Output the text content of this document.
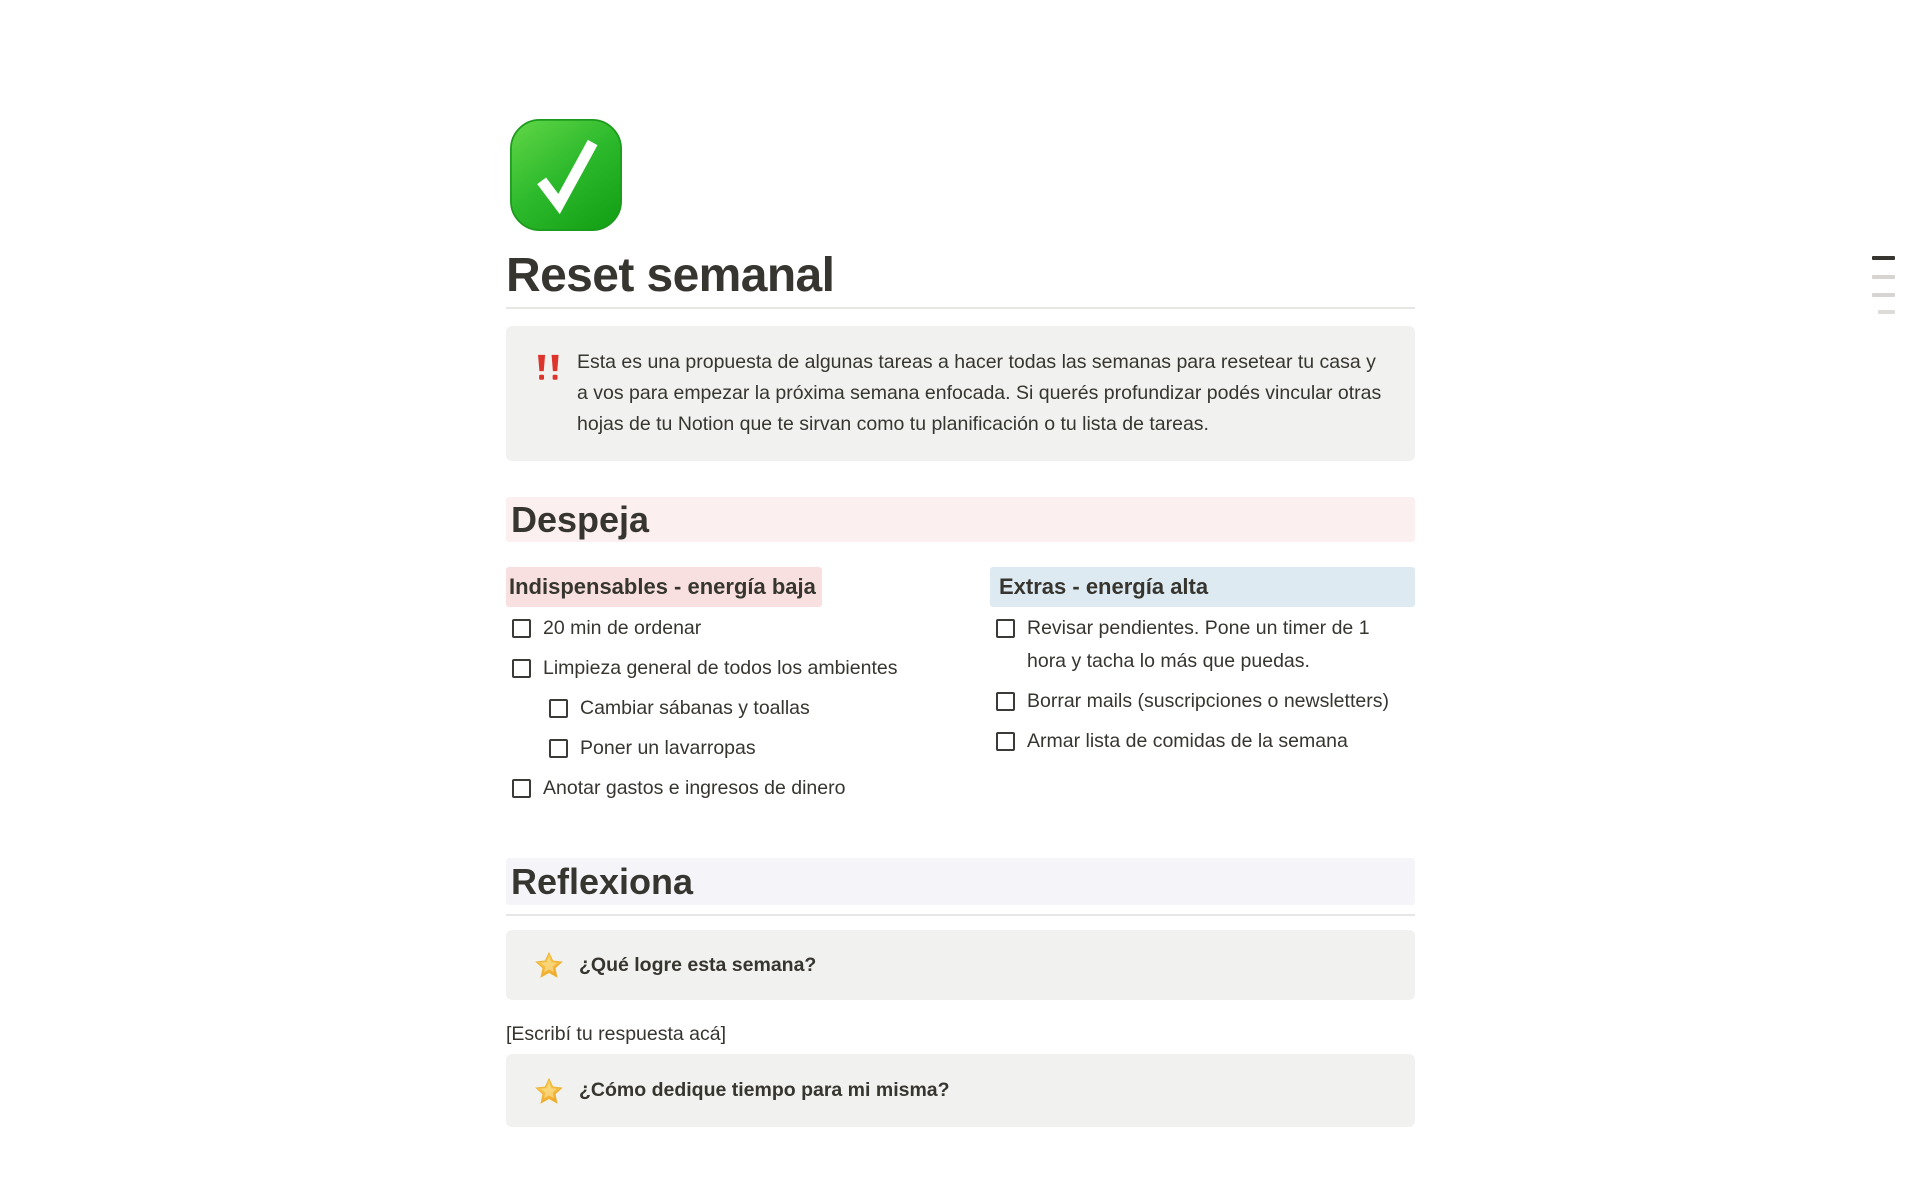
Reset semanal

Esta es una propuesta de algunas tareas a hacer todas las semanas para resetear tu casa y a vos para empezar la próxima semana enfocada. Si querés profundizar podés vincular otras hojas de tu Notion que te sirvan como tu planificación o tu lista de tareas.

Despeja
Indispensables - energía baja
20 min de ordenar
Limpieza general de todos los ambientes
Cambiar sábanas y toallas
Poner un lavarropas
Anotar gastos e ingresos de dinero
Extras - energía alta
Revisar pendientes. Pone un timer de 1 hora y tacha lo más que puedas.
Borrar mails (suscripciones o newsletters)
Armar lista de comidas de la semana
Reflexiona

¿Qué logre esta semana?

[Escribí tu respuesta acá]

¿Cómo dedique tiempo para mi misma?
